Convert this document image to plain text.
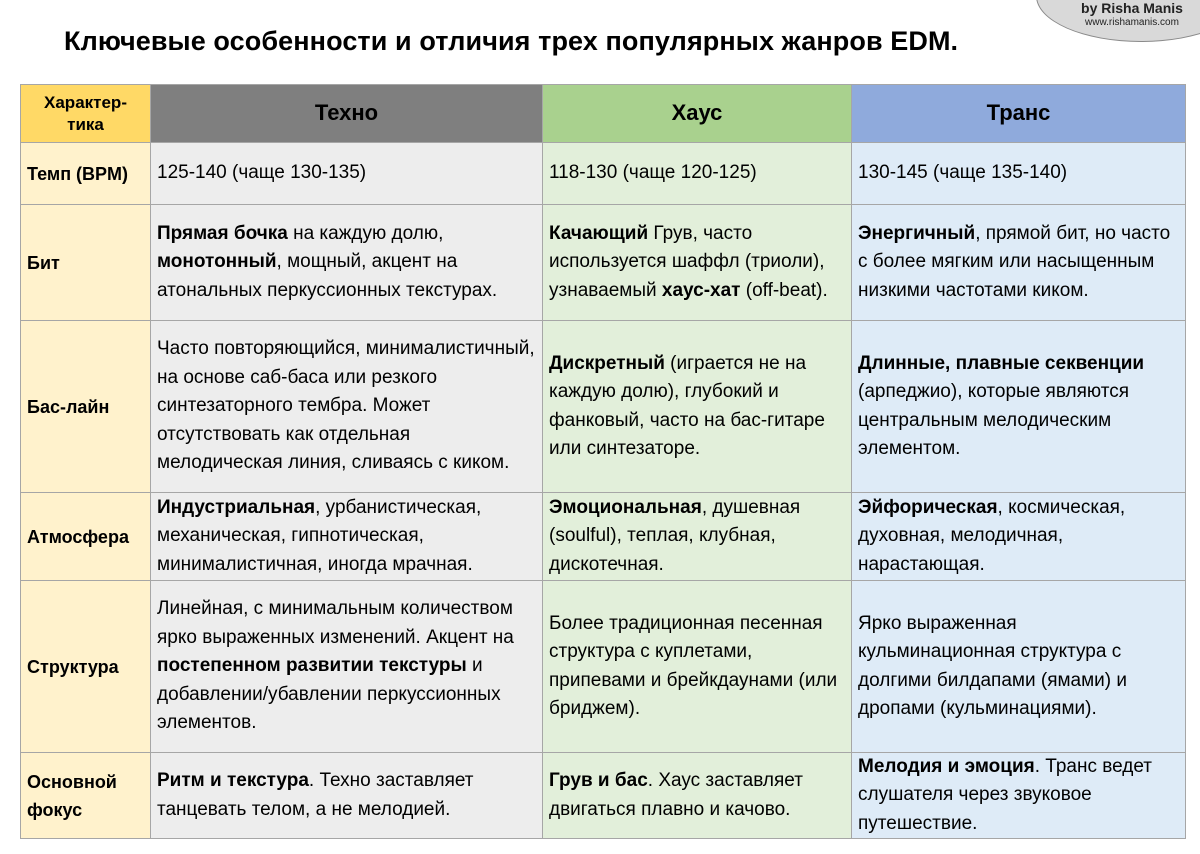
by Risha Manis
www.rishamanis.com
Ключевые особенности и отличия трех популярных жанров EDM.
Характер-
тика	Техно	Хаус	Транс
Темп (BPM)	125-140 (чаще 130-135)	118-130 (чаще 120-125)	130-145 (чаще 135-140)
Бит	Прямая бочка на каждую долю, монотонный, мощный, акцент на атональных перкуссионных текстурах.	Качающий Грув, часто используется шаффл (триоли), узнаваемый хаус-хат (off-beat).	Энергичный, прямой бит, но часто с более мягким или насыщенным низкими частотами киком.
Бас-лайн	Часто повторяющийся, минималистичный, на основе саб-баса или резкого синтезаторного тембра. Может отсутствовать как отдельная мелодическая линия, сливаясь с киком.	Дискретный (играется не на каждую долю), глубокий и фанковый, часто на бас-гитаре или синтезаторе.	Длинные, плавные секвенции (арпеджио), которые являются центральным мелодическим элементом.
Атмосфера	Индустриальная, урбанистическая, механическая, гипнотическая, минималистичная, иногда мрачная.	Эмоциональная, душевная (soulful), теплая, клубная, дискотечная.	Эйфорическая, космическая, духовная, мелодичная, нарастающая.
Структура	Линейная, с минимальным количеством ярко выраженных изменений. Акцент на постепенном развитии текстуры и добавлении/убавлении перкуссионных элементов.	Более традиционная песенная структура с куплетами, припевами и брейкдаунами (или бриджем).	Ярко выраженная кульминационная структура с долгими билдапами (ямами) и дропами (кульминациями).
Основной фокус	Ритм и текстура. Техно заставляет танцевать телом, а не мелодией.	Грув и бас. Хаус заставляет двигаться плавно и качово.	Мелодия и эмоция. Транс ведет слушателя через звуковое путешествие.
